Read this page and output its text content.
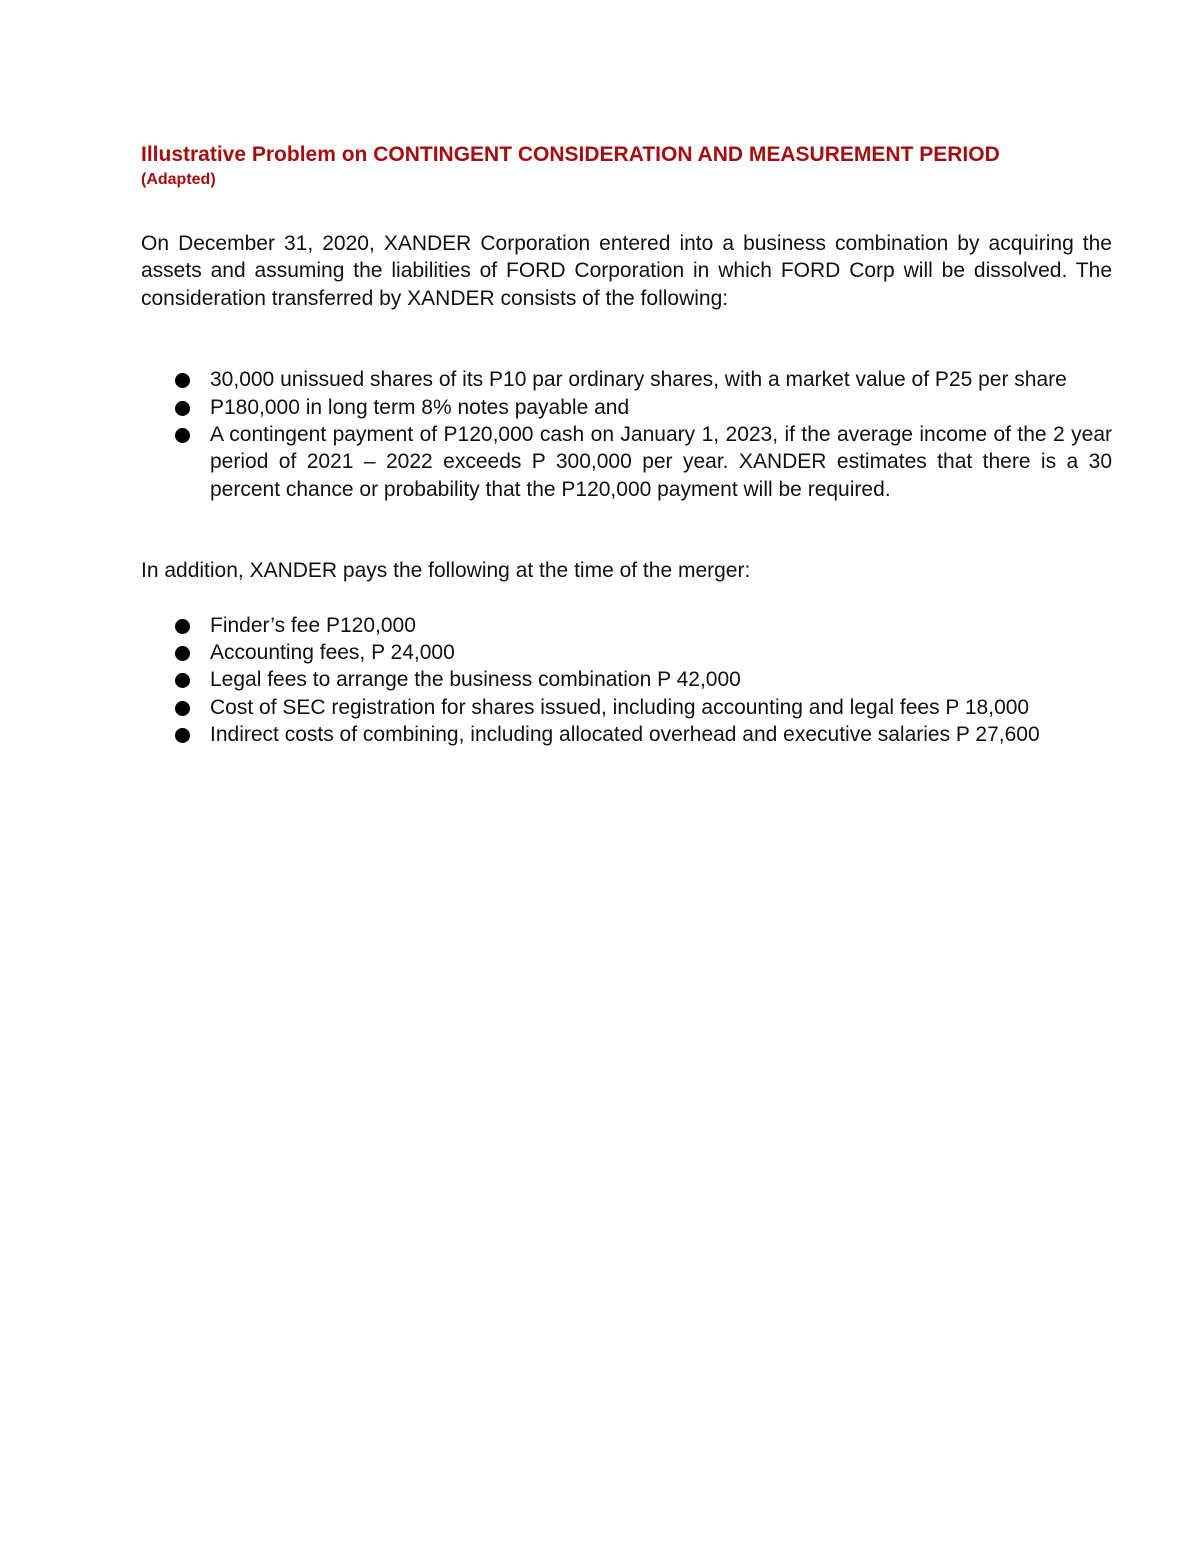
Illustrative Problem on CONTINGENT CONSIDERATION AND MEASUREMENT PERIOD
(Adapted)

On December 31, 2020, XANDER Corporation entered into a business combination by acquiring the assets and assuming the liabilities of FORD Corporation in which FORD Corp will be dissolved. The consideration transferred by XANDER consists of the following:

30,000 unissued shares of its P10 par ordinary shares, with a market value of P25 per share
P180,000 in long term 8% notes payable and
A contingent payment of P120,000 cash on January 1, 2023, if the average income of the 2 year period of 2021 – 2022 exceeds P 300,000 per year. XANDER estimates that there is a 30 percent chance or probability that the P120,000 payment will be required.

In addition, XANDER pays the following at the time of the merger:

Finder’s fee P120,000
Accounting fees, P 24,000
Legal fees to arrange the business combination P 42,000
Cost of SEC registration for shares issued, including accounting and legal fees P 18,000
Indirect costs of combining, including allocated overhead and executive salaries P 27,600
